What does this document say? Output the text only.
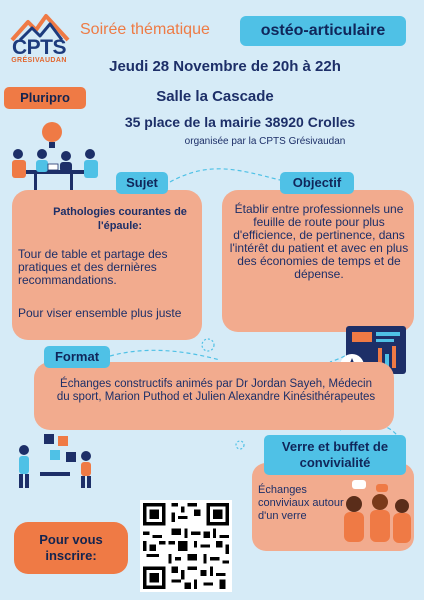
CPTS
GRÉSIVAUDAN
Soirée thématique	ostéo-articulaire
Jeudi 28 Novembre de 20h à 22h
Pluripro	Salle la Cascade
35 place de la mairie 38920 Crolles
organisée par la CPTS Grésivaudan
Sujet
Pathologies courantes de l'épaule:
Tour de table et partage des pratiques et des dernières recommandations.
Pour viser ensemble plus juste
Objectif
Établir entre professionnels une feuille de route pour plus d'efficience, de pertinence, dans l'intérêt du patient et avec en plus des économies de temps et de dépense.
Format
Échanges constructifs animés par Dr Jordan Sayeh, Médecin du sport, Marion Puthod et Julien Alexandre Kinésithérapeutes
Verre et buffet de convivialité
Échanges conviviaux autour d'un verre
Pour vous inscrire:
